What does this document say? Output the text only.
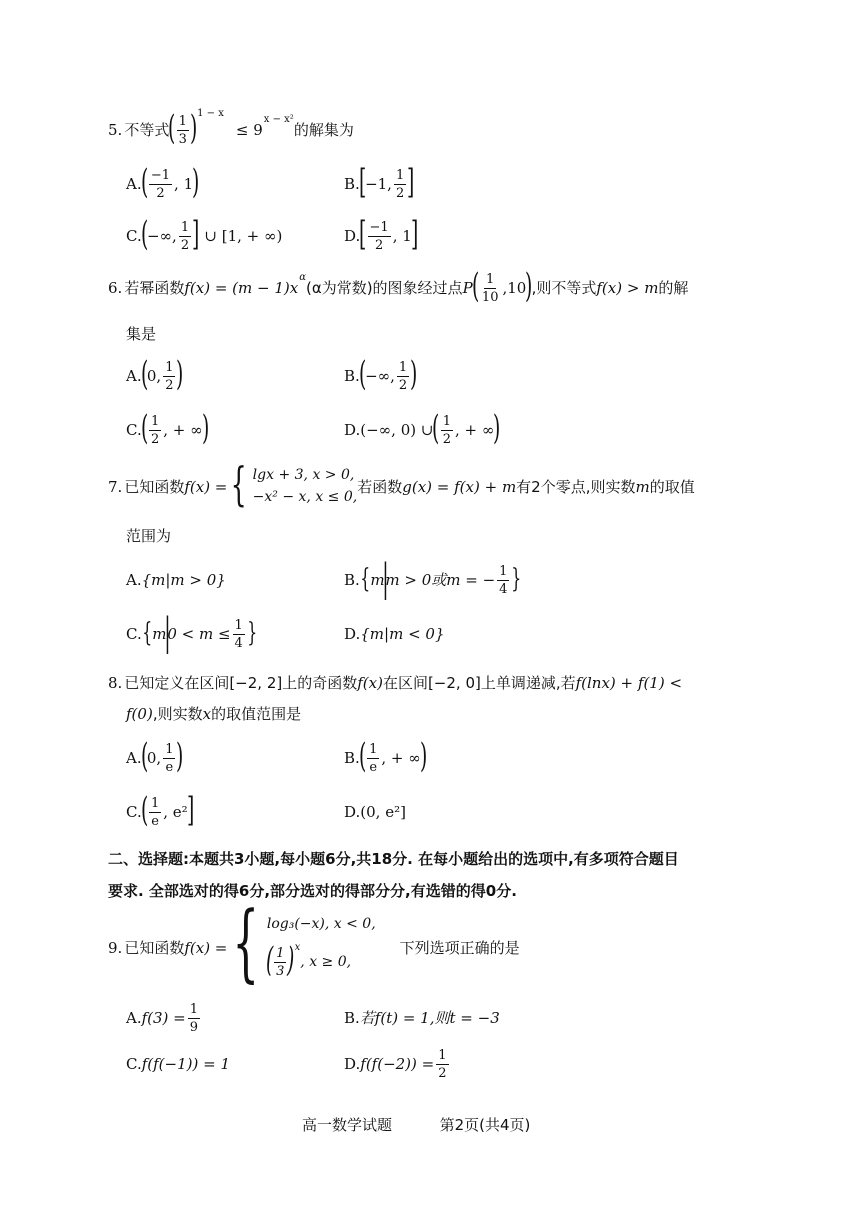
5. 不等式
( $\frac{1}{3}$ ) 1 − x
≤ 9
x − x²
的解集为
A.
( $\frac{-1}{2}$ , 1
)	B.
[
−1, $\frac{1}{2}$ ]
C.
(
−∞, $\frac{1}{2}$ ] ∪ [1, + ∞)	D.
[ $\frac{-1}{2}$ , 1
]
6. 若幂函数 f (x) = (m − 1)x
α
(α为常数)的图象经过点 P
( $\frac{1}{10} ,10$
)
,则不等式 f(x) > m 的解
集是
A.
(
0, $\frac{1}{2}$ )	B.
(
−∞, $\frac{1}{2}$ )
C.
( $\frac{1}{2}$ , + ∞
)	D. (−∞, 0) ∪
( $\frac{1}{2}$ , + ∞
)
7. 已知函数 f(x) = { lgx + 3, x > 0,
−x² − x, x ≤ 0,
若函数 g(x) = f(x) + m 有2个零点,则实数 m 的取值
范围为
A. {m|m > 0}	B. { m
|
m > 0或m = − $\frac{1}{4}$ }
C. { m
|
$0 < m \le \frac{1}{4}$ }	D. {m|m < 0}
8. 已知定义在区间[−2, 2]上的奇函数 f(x) 在区间[−2, 0]上单调递减,若 f(lnx) + f(1) <
f(0) ,则实数 x 的取值范围是
A.
(
0, $\frac{1}{e}$ )	B.
( $\frac{1}{e}$ , + ∞
)
C.
( $\frac{1}{e}$ , e²
]	D. (0, e²]
二、选择题:本题共3小题,每小题6分,共18分. 在每小题给出的选项中,有多项符合题目
要求. 全部选对的得6分,部分选对的得部分分,有选错的得0分.
9. 已知函数 f(x) = { log₃(−x), x < 0,
( $\frac{1}{3}$ ) x
, x ≥ 0,
下列选项正确的是
A. $f(3) = \frac{1}{9}$	B. 若f(t) = 1,则t = −3
C. f(f(−1)) = 1	D. $f(f(-2)) = \frac{1}{2}$
高一数学试题	第2页(共4页)
